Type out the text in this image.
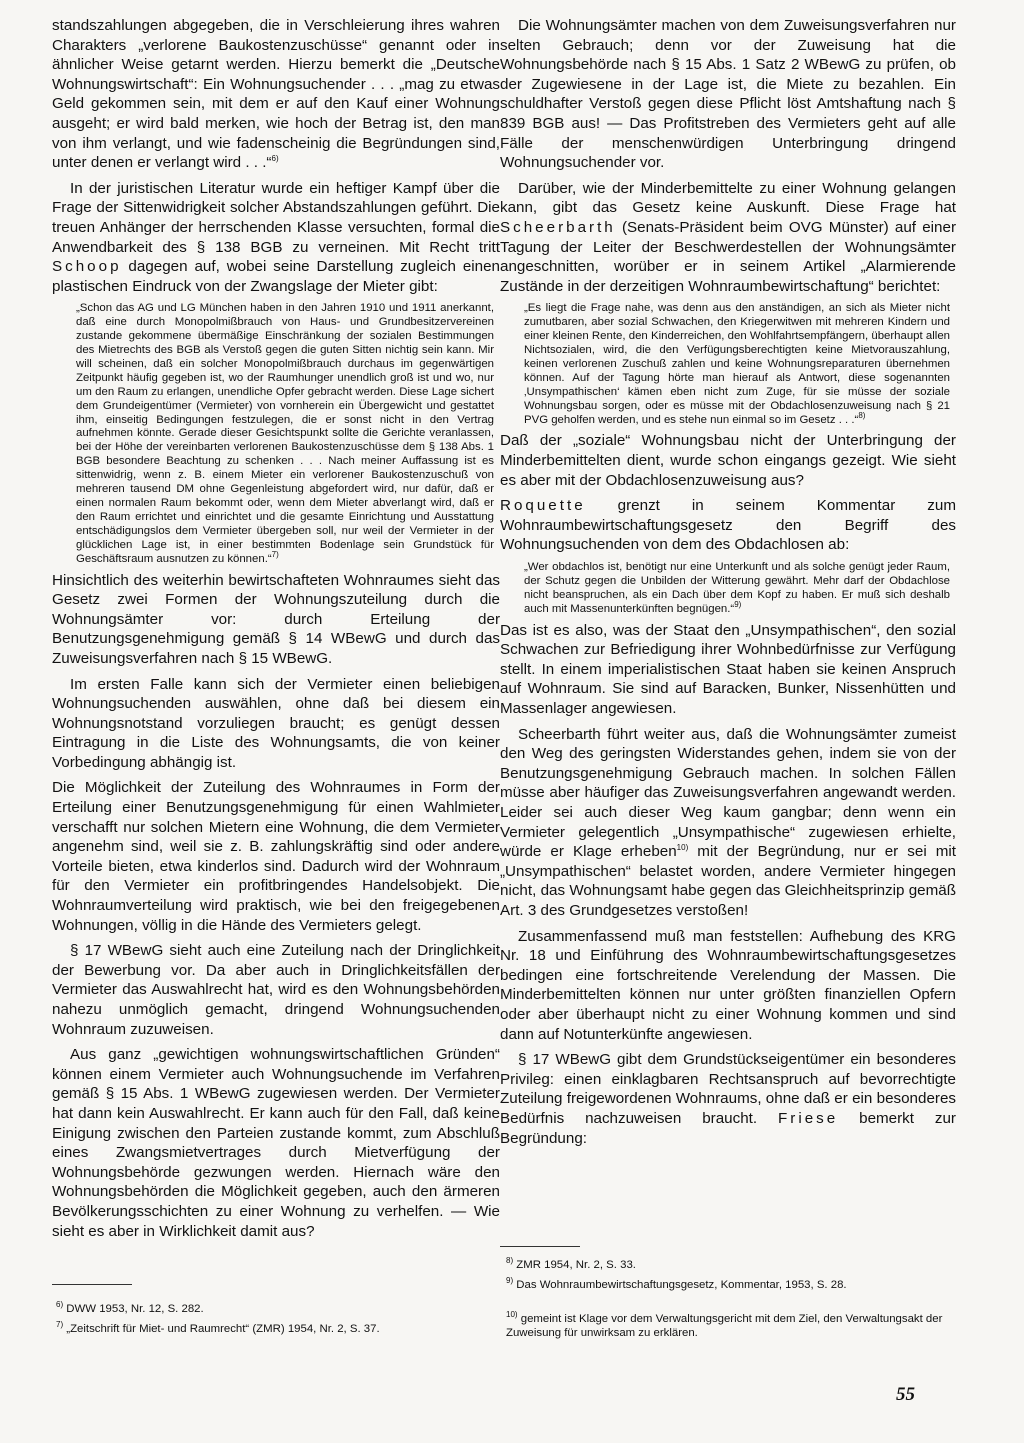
standszahlungen abgegeben, die in Verschleierung ihres wahren Charakters „verlorene Baukostenzuschüsse“ genannt oder in ähnlicher Weise getarnt werden. Hierzu bemerkt die „Deutsche Wohnungswirtschaft“: Ein Wohnungsuchender . . . „mag zu etwas Geld gekommen sein, mit dem er auf den Kauf einer Wohnung ausgeht; er wird bald merken, wie hoch der Betrag ist, den man von ihm verlangt, und wie fadenscheinig die Begründungen sind, unter denen er verlangt wird . . .“$^{6)}$

In der juristischen Literatur wurde ein heftiger Kampf über die Frage der Sittenwidrigkeit solcher Abstandszahlungen geführt. Die treuen Anhänger der herrschenden Klasse versuchten, formal die Anwendbarkeit des § 138 BGB zu verneinen. Mit Recht tritt Schoop dagegen auf, wobei seine Darstellung zugleich einen plastischen Eindruck von der Zwangslage der Mieter gibt:

„Schon das AG und LG München haben in den Jahren 1910 und 1911 anerkannt, daß eine durch Monopolmißbrauch von Haus- und Grundbesitzervereinen zustande gekommene übermäßige Einschränkung der sozialen Bestimmungen des Mietrechts des BGB als Verstoß gegen die guten Sitten nichtig sein kann. Mir will scheinen, daß ein solcher Monopolmißbrauch durchaus im gegenwärtigen Zeitpunkt häufig gegeben ist, wo der Raumhunger unendlich groß ist und wo, nur um den Raum zu erlangen, unendliche Opfer gebracht werden. Diese Lage sichert dem Grundeigentümer (Vermieter) von vornherein ein Übergewicht und gestattet ihm, einseitig Bedingungen festzulegen, die er sonst nicht in den Vertrag aufnehmen könnte. Gerade dieser Gesichtspunkt sollte die Gerichte veranlassen, bei der Höhe der vereinbarten verlorenen Baukostenzuschüsse dem § 138 Abs. 1 BGB besondere Beachtung zu schenken . . . Nach meiner Auffassung ist es sittenwidrig, wenn z. B. einem Mieter ein verlorener Baukostenzuschuß von mehreren tausend DM ohne Gegenleistung abgefordert wird, nur dafür, daß er einen normalen Raum bekommt oder, wenn dem Mieter abverlangt wird, daß er den Raum errichtet und einrichtet und die gesamte Einrichtung und Ausstattung entschädigungslos dem Vermieter übergeben soll, nur weil der Vermieter in der glücklichen Lage ist, in einer bestimmten Bodenlage sein Grundstück für Geschäftsraum ausnutzen zu können.“$^{7)}$

Hinsichtlich des weiterhin bewirtschafteten Wohnraumes sieht das Gesetz zwei Formen der Wohnungszuteilung durch die Wohnungsämter vor: durch Erteilung der Benutzungsgenehmigung gemäß § 14 WBewG und durch das Zuweisungsverfahren nach § 15 WBewG.

Im ersten Falle kann sich der Vermieter einen beliebigen Wohnungsuchenden auswählen, ohne daß bei diesem ein Wohnungsnotstand vorzuliegen braucht; es genügt dessen Eintragung in die Liste des Wohnungsamts, die von keiner Vorbedingung abhängig ist.

Die Möglichkeit der Zuteilung des Wohnraumes in Form der Erteilung einer Benutzungsgenehmigung für einen Wahlmieter verschafft nur solchen Mietern eine Wohnung, die dem Vermieter angenehm sind, weil sie z. B. zahlungskräftig sind oder andere Vorteile bieten, etwa kinderlos sind. Dadurch wird der Wohnraum für den Vermieter ein profitbringendes Handelsobjekt. Die Wohnraumverteilung wird praktisch, wie bei den freigegebenen Wohnungen, völlig in die Hände des Vermieters gelegt.

§ 17 WBewG sieht auch eine Zuteilung nach der Dringlichkeit der Bewerbung vor. Da aber auch in Dringlichkeitsfällen der Vermieter das Auswahlrecht hat, wird es den Wohnungsbehörden nahezu unmöglich gemacht, dringend Wohnungsuchenden Wohnraum zuzuweisen.

Aus ganz „gewichtigen wohnungswirtschaftlichen Gründen“ können einem Vermieter auch Wohnungsuchende im Verfahren gemäß § 15 Abs. 1 WBewG zugewiesen werden. Der Vermieter hat dann kein Auswahlrecht. Er kann auch für den Fall, daß keine Einigung zwischen den Parteien zustande kommt, zum Abschluß eines Zwangsmietvertrages durch Mietverfügung der Wohnungsbehörde gezwungen werden. Hiernach wäre den Wohnungsbehörden die Möglichkeit gegeben, auch den ärmeren Bevölkerungsschichten zu einer Wohnung zu verhelfen. — Wie sieht es aber in Wirklichkeit damit aus?

$^{6)}$ DWW 1953, Nr. 12, S. 282.

$^{7)}$ „Zeitschrift für Miet- und Raumrecht“ (ZMR) 1954, Nr. 2, S. 37.

Die Wohnungsämter machen von dem Zuweisungsverfahren nur selten Gebrauch; denn vor der Zuweisung hat die Wohnungsbehörde nach § 15 Abs. 1 Satz 2 WBewG zu prüfen, ob der Zugewiesene in der Lage ist, die Miete zu bezahlen. Ein schuldhafter Verstoß gegen diese Pflicht löst Amtshaftung nach § 839 BGB aus! — Das Profitstreben des Vermieters geht auf alle Fälle der menschenwürdigen Unterbringung dringend Wohnungsuchender vor.

Darüber, wie der Minderbemittelte zu einer Wohnung gelangen kann, gibt das Gesetz keine Auskunft. Diese Frage hat Scheerbarth (Senats-Präsident beim OVG Münster) auf einer Tagung der Leiter der Beschwerdestellen der Wohnungsämter angeschnitten, worüber er in seinem Artikel „Alarmierende Zustände in der derzeitigen Wohnraumbewirtschaftung“ berichtet:

„Es liegt die Frage nahe, was denn aus den anständigen, an sich als Mieter nicht zumutbaren, aber sozial Schwachen, den Kriegerwitwen mit mehreren Kindern und einer kleinen Rente, den Kinderreichen, den Wohlfahrtsempfängern, überhaupt allen Nichtsozialen, wird, die den Verfügungsberechtigten keine Mietvorauszahlung, keinen verlorenen Zuschuß zahlen und keine Wohnungsreparaturen übernehmen können. Auf der Tagung hörte man hierauf als Antwort, diese sogenannten ‚Unsympathischen‘ kämen eben nicht zum Zuge, für sie müsse der soziale Wohnungsbau sorgen, oder es müsse mit der Obdachlosenzuweisung nach § 21 PVG geholfen werden, und es stehe nun einmal so im Gesetz . . .“$^{8)}$

Daß der „soziale“ Wohnungsbau nicht der Unterbringung der Minderbemittelten dient, wurde schon eingangs gezeigt. Wie sieht es aber mit der Obdachlosenzuweisung aus?

Roquette grenzt in seinem Kommentar zum Wohnraumbewirtschaftungsgesetz den Begriff des Wohnungsuchenden von dem des Obdachlosen ab:

„Wer obdachlos ist, benötigt nur eine Unterkunft und als solche genügt jeder Raum, der Schutz gegen die Unbilden der Witterung gewährt. Mehr darf der Obdachlose nicht beanspruchen, als ein Dach über dem Kopf zu haben. Er muß sich deshalb auch mit Massenunterkünften begnügen.“$^{9)}$

Das ist es also, was der Staat den „Unsympathischen“, den sozial Schwachen zur Befriedigung ihrer Wohnbedürfnisse zur Verfügung stellt. In einem imperialistischen Staat haben sie keinen Anspruch auf Wohnraum. Sie sind auf Baracken, Bunker, Nissenhütten und Massenlager angewiesen.

Scheerbarth führt weiter aus, daß die Wohnungsämter zumeist den Weg des geringsten Widerstandes gehen, indem sie von der Benutzungsgenehmigung Gebrauch machen. In solchen Fällen müsse aber häufiger das Zuweisungsverfahren angewandt werden. Leider sei auch dieser Weg kaum gangbar; denn wenn ein Vermieter gelegentlich „Unsympathische“ zugewiesen erhielte, würde er Klage erheben$^{10)}$ mit der Begründung, nur er sei mit „Unsympathischen“ belastet worden, andere Vermieter hingegen nicht, das Wohnungsamt habe gegen das Gleichheitsprinzip gemäß Art. 3 des Grundgesetzes verstoßen!

Zusammenfassend muß man feststellen: Aufhebung des KRG Nr. 18 und Einführung des Wohnraumbewirtschaftungsgesetzes bedingen eine fortschreitende Verelendung der Massen. Die Minderbemittelten können nur unter größten finanziellen Opfern oder aber überhaupt nicht zu einer Wohnung kommen und sind dann auf Notunterkünfte angewiesen.

§ 17 WBewG gibt dem Grundstückseigentümer ein besonderes Privileg: einen einklagbaren Rechtsanspruch auf bevorrechtigte Zuteilung freigewordenen Wohnraums, ohne daß er ein besonderes Bedürfnis nachzuweisen braucht. Friese bemerkt zur Begründung:

$^{8)}$ ZMR 1954, Nr. 2, S. 33.

$^{9)}$ Das Wohnraumbewirtschaftungsgesetz, Kommentar, 1953, S. 28.

$^{10)}$ gemeint ist Klage vor dem Verwaltungsgericht mit dem Ziel, den Verwaltungsakt der Zuweisung für unwirksam zu erklären.

55
